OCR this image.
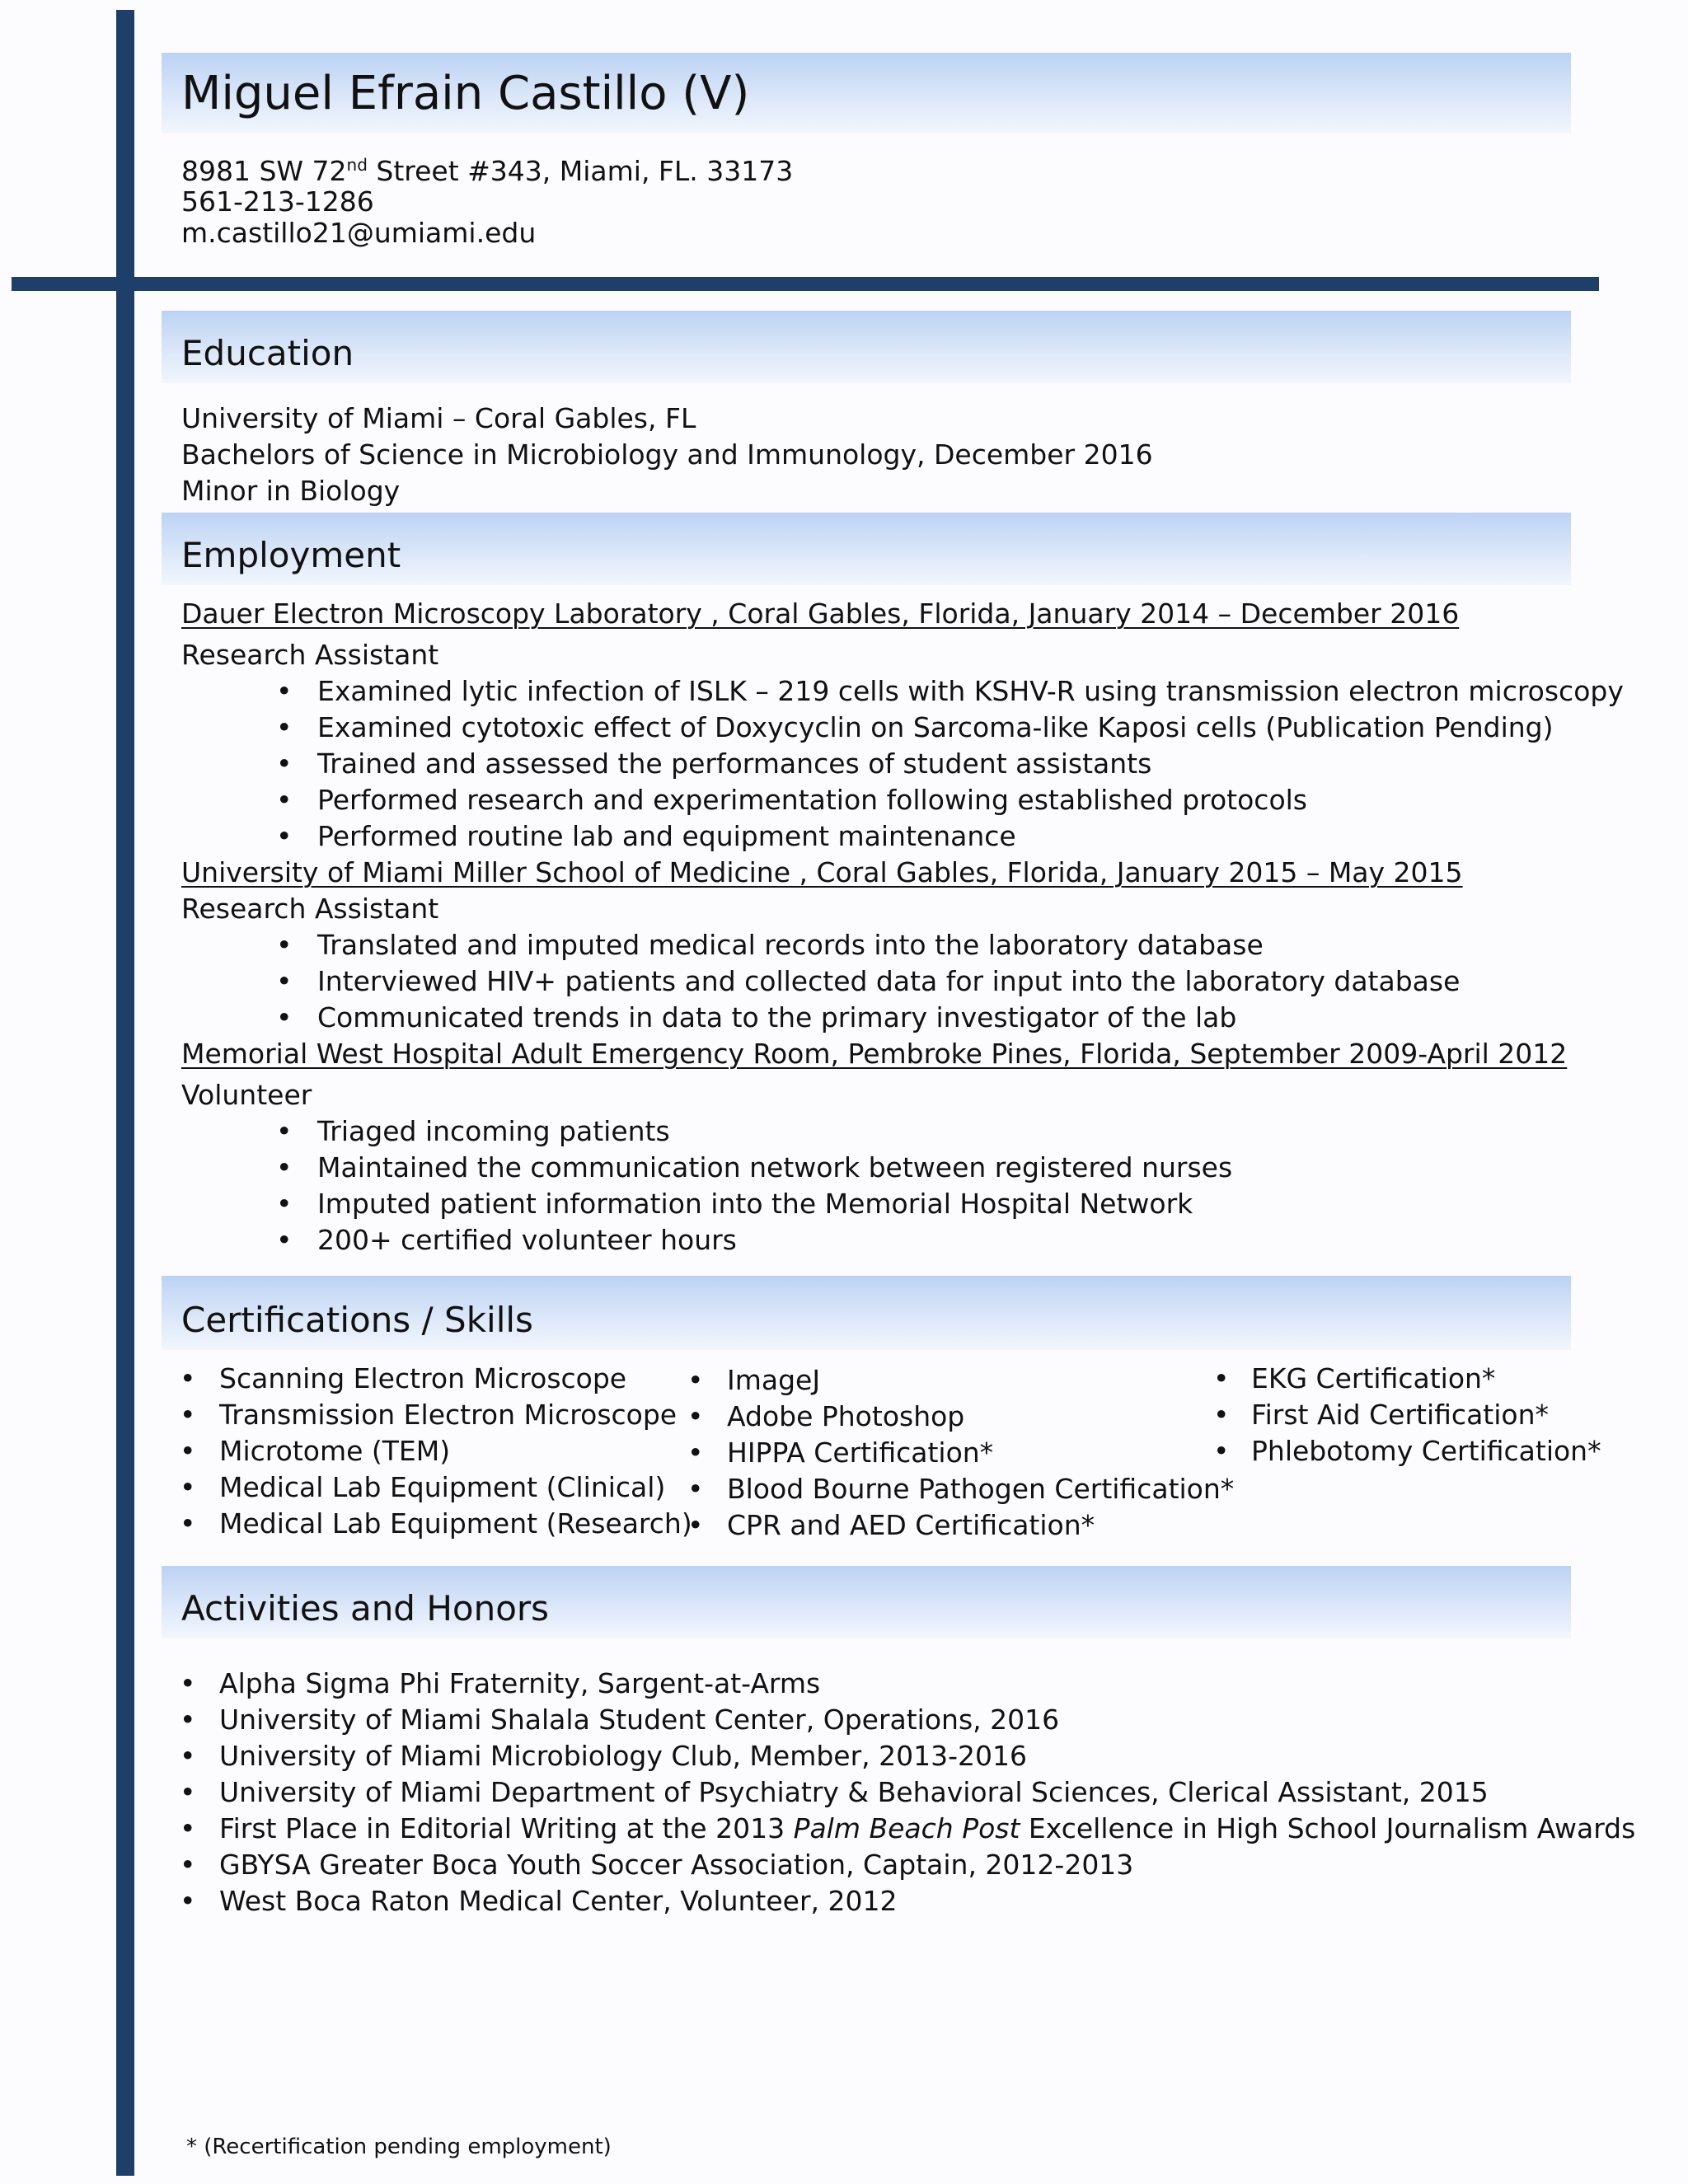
Miguel Efrain Castillo (V)
8981 SW 72nd Street #343, Miami, FL. 33173
561-213-1286
m.castillo21@umiami.edu
Education
University of Miami – Coral Gables, FL
Bachelors of Science in Microbiology and Immunology, December 2016
Minor in Biology
Employment
Dauer Electron Microscopy Laboratory , Coral Gables, Florida, January 2014 – December 2016
Research Assistant
• Examined lytic infection of ISLK – 219 cells with KSHV-R using transmission electron microscopy
• Examined cytotoxic effect of Doxycyclin on Sarcoma-like Kaposi cells (Publication Pending)
• Trained and assessed the performances of student assistants
• Performed research and experimentation following established protocols
• Performed routine lab and equipment maintenance
University of Miami Miller School of Medicine , Coral Gables, Florida, January 2015 – May 2015
Research Assistant
• Translated and imputed medical records into the laboratory database
• Interviewed HIV+ patients and collected data for input into the laboratory database
• Communicated trends in data to the primary investigator of the lab
Memorial West Hospital Adult Emergency Room, Pembroke Pines, Florida, September 2009-April 2012
Volunteer
• Triaged incoming patients
• Maintained the communication network between registered nurses
• Imputed patient information into the Memorial Hospital Network
• 200+ certified volunteer hours
Certifications / Skills
• Scanning Electron Microscope
• Transmission Electron Microscope
• Microtome (TEM)
• Medical Lab Equipment (Clinical)
• Medical Lab Equipment (Research)
• ImageJ
• Adobe Photoshop
• HIPPA Certification*
• Blood Bourne Pathogen Certification*
• CPR and AED Certification*
• EKG Certification*
• First Aid Certification*
• Phlebotomy Certification*
Activities and Honors
• Alpha Sigma Phi Fraternity, Sargent-at-Arms
• University of Miami Shalala Student Center, Operations, 2016
• University of Miami Microbiology Club, Member, 2013-2016
• University of Miami Department of Psychiatry & Behavioral Sciences, Clerical Assistant, 2015
• First Place in Editorial Writing at the 2013 Palm Beach Post Excellence in High School Journalism Awards
• GBYSA Greater Boca Youth Soccer Association, Captain, 2012-2013
• West Boca Raton Medical Center, Volunteer, 2012
* (Recertification pending employment)
